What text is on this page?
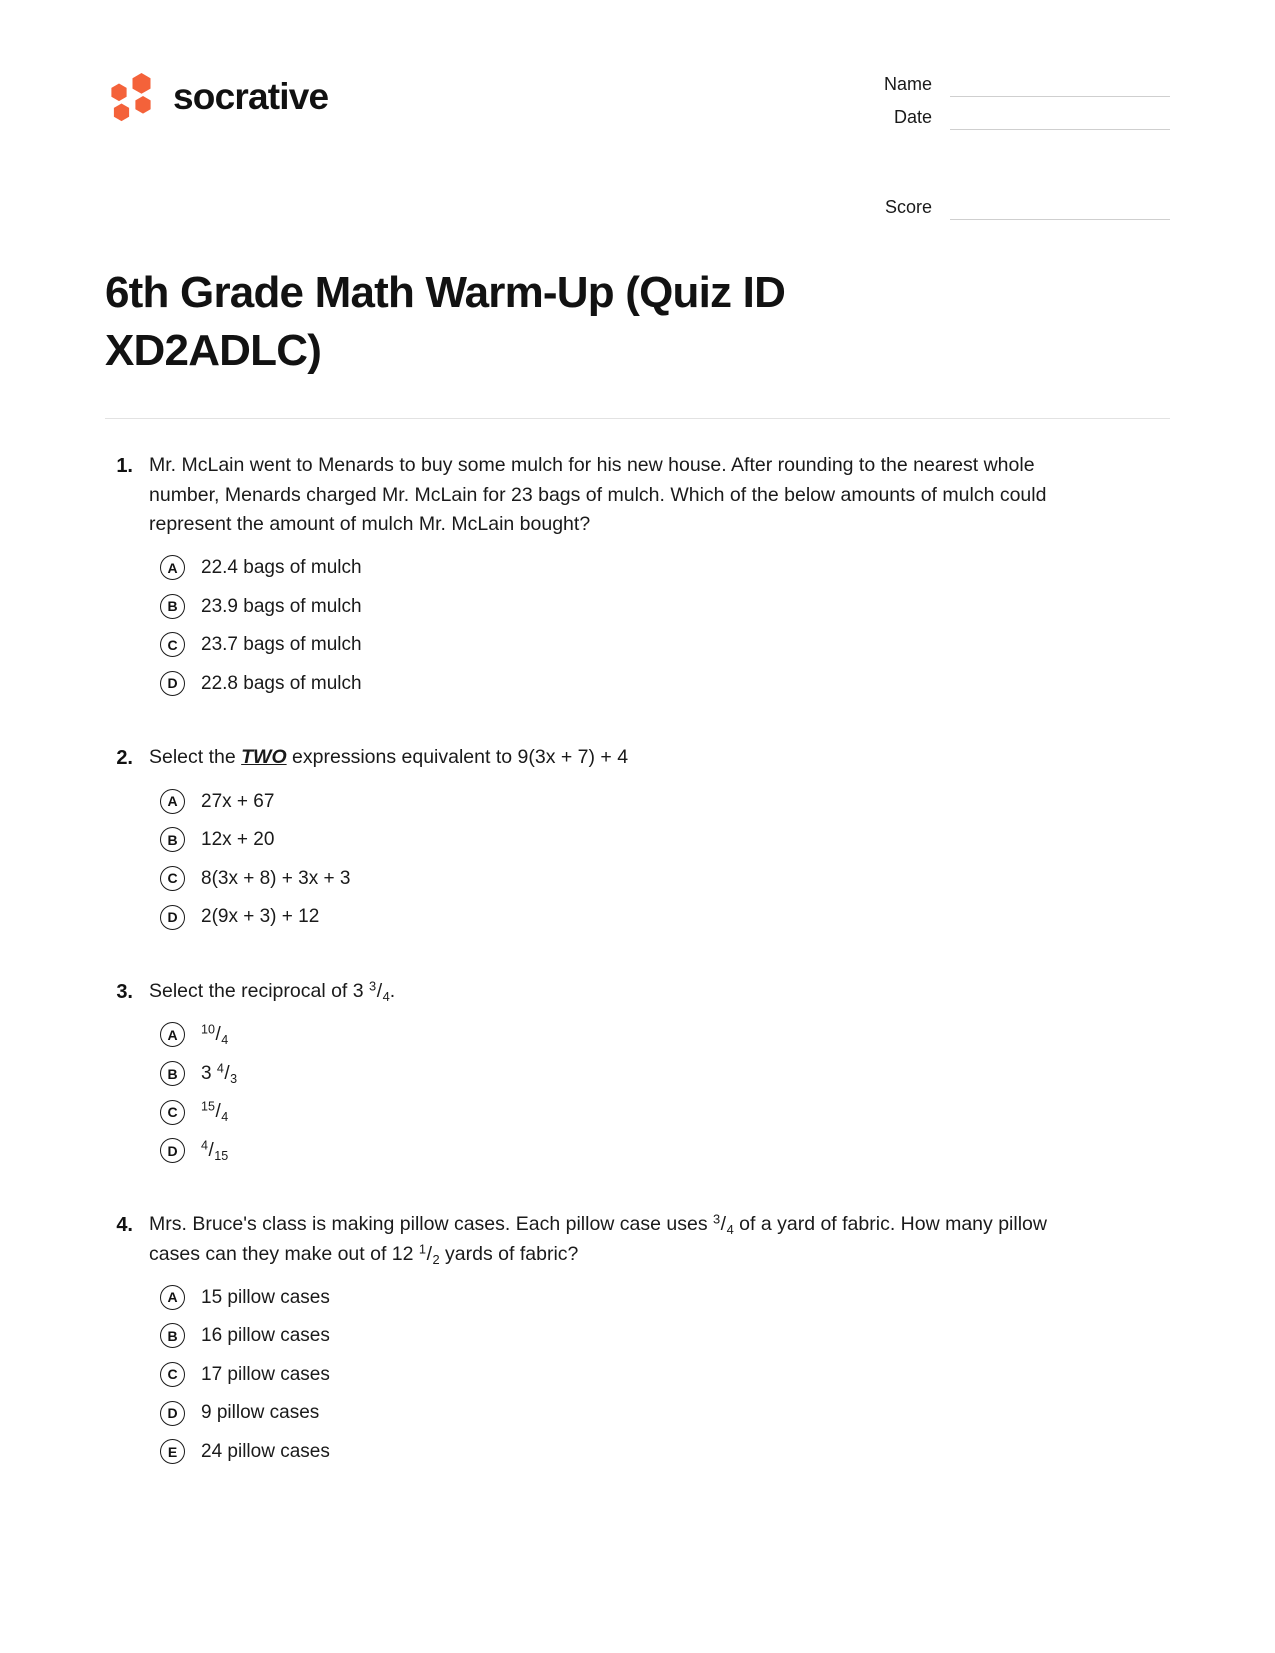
socrative	Name
Date
Score
6th Grade Math Warm-Up (Quiz ID XD2ADLC)
1. Mr. McLain went to Menards to buy some mulch for his new house. After rounding to the nearest whole number, Menards charged Mr. McLain for 23 bags of mulch. Which of the below amounts of mulch could represent the amount of mulch Mr. McLain bought?
A	22.4 bags of mulch
B	23.9 bags of mulch
C	23.7 bags of mulch
D	22.8 bags of mulch
2. Select the TWO expressions equivalent to 9(3x + 7) + 4
A	27x + 67
B	12x + 20
C	8(3x + 8) + 3x + 3
D	2(9x + 3) + 12
3. Select the reciprocal of 3 $^3/_4$.
A	$^{10}/_4$
B	3 $^4/_3$
C	$^{15}/_4$
D	$^4/_{15}$
4. Mrs. Bruce's class is making pillow cases. Each pillow case uses $^3/_4$ of a yard of fabric. How many pillow cases can they make out of 12 $^1/_2$ yards of fabric?
A	15 pillow cases
B	16 pillow cases
C	17 pillow cases
D	9 pillow cases
E	24 pillow cases
